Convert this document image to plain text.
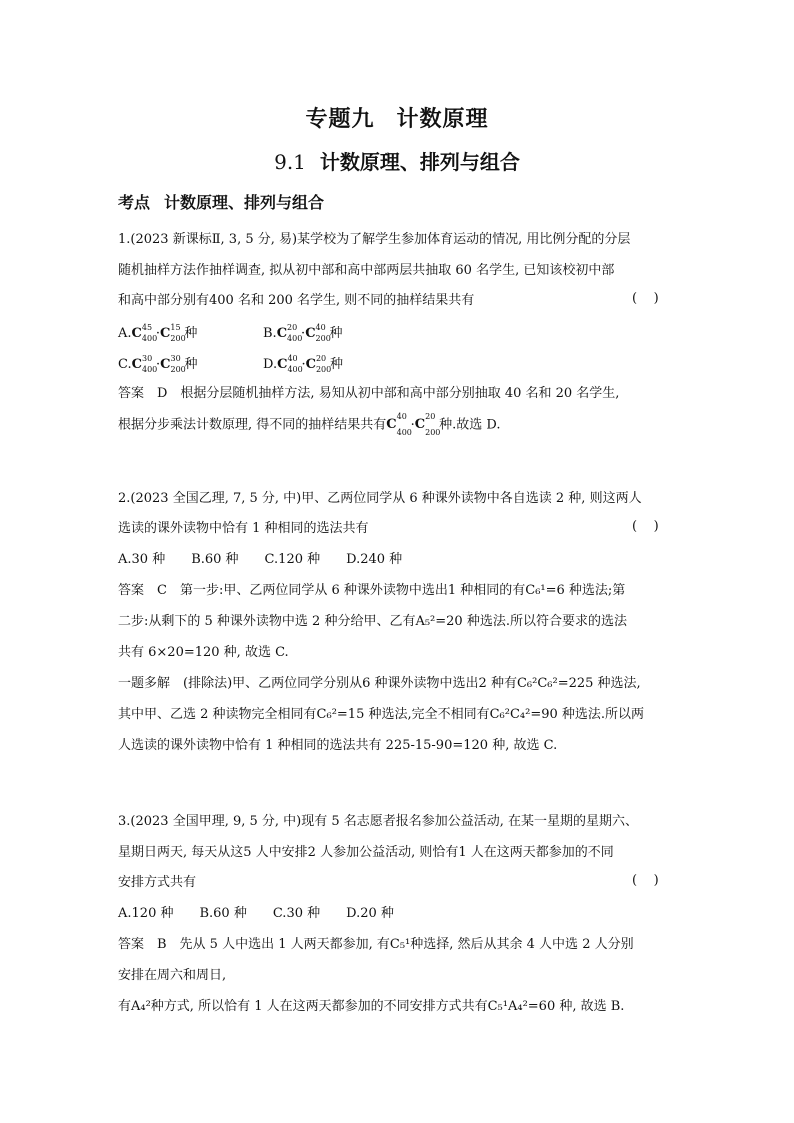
专题九 计数原理
9.1 计数原理、排列与组合
考点 计数原理、排列与组合
1.(2023 新课标Ⅱ, 3, 5 分, 易)某学校为了解学生参加体育运动的情况, 用比例分配的分层
随机抽样方法作抽样调查, 拟从初中部和高中部两层共抽取 60 名学生, 已知该校初中部
和高中部分别有400 名和 200 名学生, 则不同的抽样结果共有	(    )
A.C 45
400
·C 15
200
种	B.C 20
400
·C 40
200
种
C.C 30
400
·C 30
200
种	D.C 40
400
·C 20
200
种
答案　D　根据分层随机抽样方法, 易知从初中部和高中部分别抽取 40 名和 20 名学生,
根据分步乘法计数原理, 得不同的抽样结果共有C
40
400
·C
20
200
种.故选 D.
2.(2023 全国乙理, 7, 5 分, 中)甲、乙两位同学从 6 种课外读物中各自选读 2 种, 则这两人
选读的课外读物中恰有 1 种相同的选法共有	(    )
A.30 种　　B.60 种　　C.120 种　　D.240 种
答案　C　第一步:甲、乙两位同学从 6 种课外读物中选出1 种相同的有C₆¹=6 种选法;第
二步:从剩下的 5 种课外读物中选 2 种分给甲、乙有A₅²=20 种选法.所以符合要求的选法
共有 6×20=120 种, 故选 C.
一题多解　(排除法)甲、乙两位同学分别从6 种课外读物中选出2 种有C₆²C₆²=225 种选法,
其中甲、乙选 2 种读物完全相同有C₆²=15 种选法,完全不相同有C₆²C₄²=90 种选法.所以两
人选读的课外读物中恰有 1 种相同的选法共有 225-15-90=120 种, 故选 C.
3.(2023 全国甲理, 9, 5 分, 中)现有 5 名志愿者报名参加公益活动, 在某一星期的星期六、
星期日两天, 每天从这5 人中安排2 人参加公益活动, 则恰有1 人在这两天都参加的不同
安排方式共有	(    )
A.120 种　　B.60 种　　C.30 种　　D.20 种
答案　B　先从 5 人中选出 1 人两天都参加, 有C₅¹种选择, 然后从其余 4 人中选 2 人分别
安排在周六和周日,
有A₄²种方式, 所以恰有 1 人在这两天都参加的不同安排方式共有C₅¹A₄²=60 种, 故选 B.
